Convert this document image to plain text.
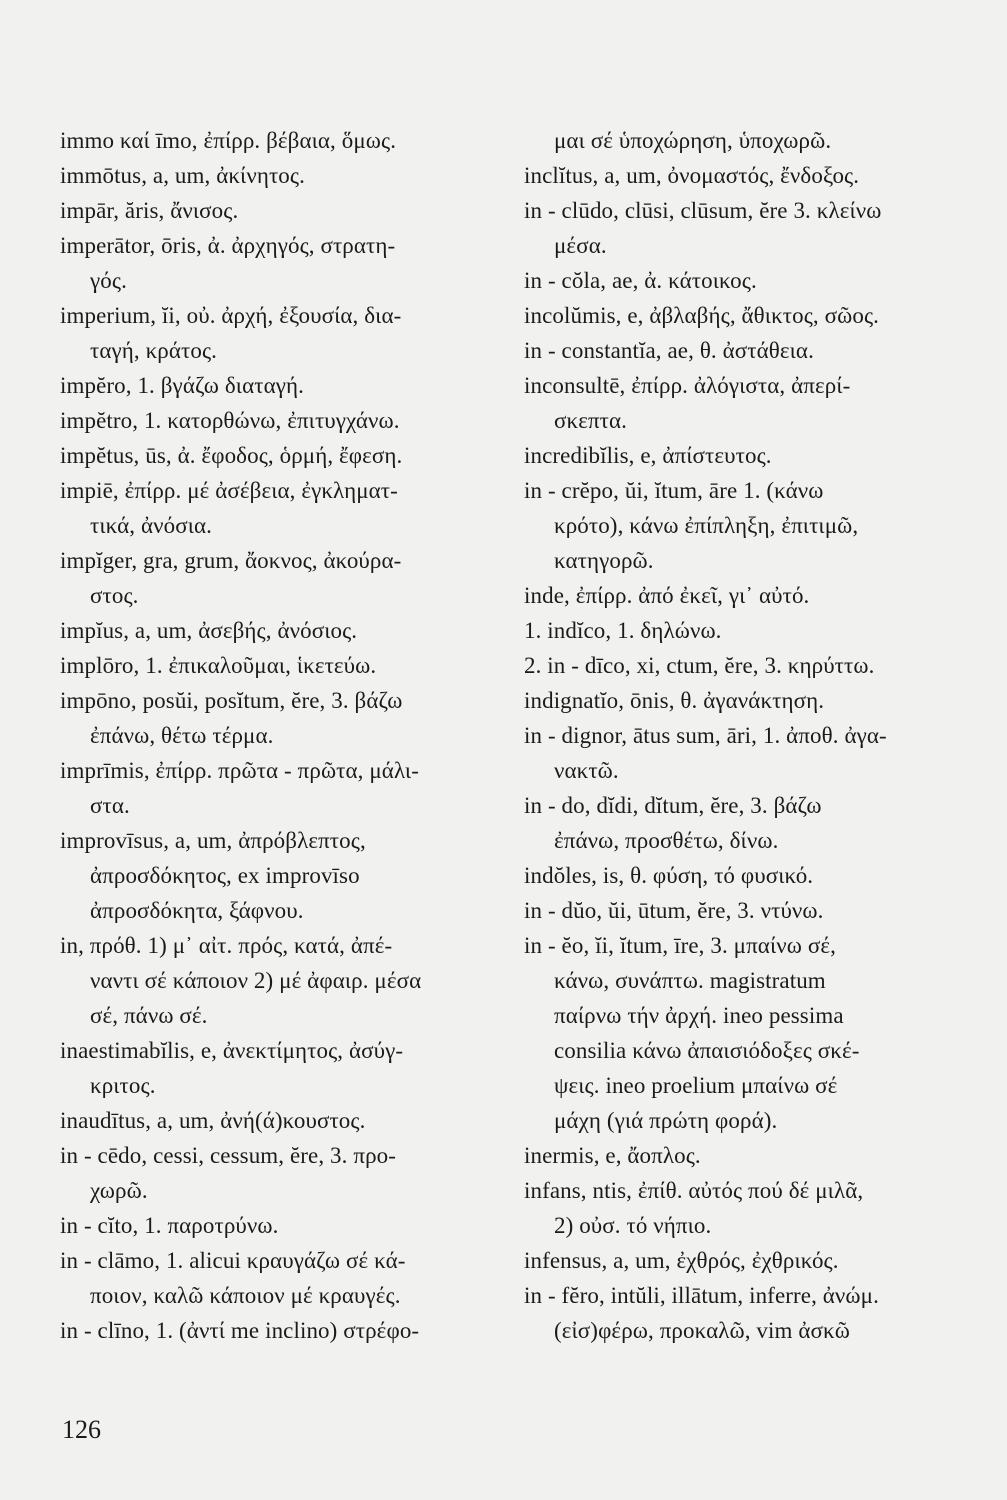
immo καί īmo, ἐπίρρ. βέβαια, ὅμως.
immōtus, a, um, ἀκίνητος.
impār, ăris, ἄνισος.
imperātor, ōris, ἀ. ἀρχηγός, στρατη-
γός.
imperium, ĭi, οὐ. ἀρχή, ἐξουσία, δια-
ταγή, κράτος.
impĕro, 1. βγάζω διαταγή.
impĕtro, 1. κατορθώνω, ἐπιτυγχάνω.
impĕtus, ūs, ἀ. ἔφοδος, ὁρμή, ἔφεση.
impiē, ἐπίρρ. μέ ἀσέβεια, ἐγκληματ-
τικά, ἀνόσια.
impĭger, gra, grum, ἄοκνος, ἀκούρα-
στος.
impĭus, a, um, ἀσεβής, ἀνόσιος.
implōro, 1. ἐπικαλοῦμαι, ἱκετεύω.
impōno, posŭi, posĭtum, ĕre, 3. βάζω
ἐπάνω, θέτω τέρμα.
imprīmis, ἐπίρρ. πρῶτα - πρῶτα, μάλι-
στα.
improvīsus, a, um, ἀπρόβλεπτος,
ἀπροσδόκητος, ex improvīso
ἀπροσδόκητα, ξάφνου.
in, πρόθ. 1) μ᾽ αἰτ. πρός, κατά, ἀπέ-
ναντι σέ κάποιον 2) μέ ἀφαιρ. μέσα
σέ, πάνω σέ.
inaestimabĭlis, e, ἀνεκτίμητος, ἀσύγ-
κριτος.
inaudītus, a, um, ἀνή(ά)κουστος.
in - cēdo, cessi, cessum, ĕre, 3. προ-
χωρῶ.
in - cĭto, 1. παροτρύνω.
in - clāmo, 1. alicui κραυγάζω σέ κά-
ποιον, καλῶ κάποιον μέ κραυγές.
in - clīno, 1. (ἀντί me inclino) στρέφο-
μαι σέ ὑποχώρηση, ὑποχωρῶ.
inclĭtus, a, um, ὀνομαστός, ἔνδοξος.
in - clūdo, clūsi, clūsum, ĕre 3. κλείνω
μέσα.
in - cŏla, ae, ἀ. κάτοικος.
incolŭmis, e, ἀβλαβής, ἄθικτος, σῶος.
in - constantĭa, ae, θ. ἀστάθεια.
inconsultē, ἐπίρρ. ἀλόγιστα, ἀπερί-
σκεπτα.
incredibĭlis, e, ἀπίστευτος.
in - crĕpo, ŭi, ĭtum, āre 1. (κάνω
κρότο), κάνω ἐπίπληξη, ἐπιτιμῶ,
κατηγορῶ.
inde, ἐπίρρ. ἀπό ἐκεῖ, γι᾽ αὐτό.
1. indĭco, 1. δηλώνω.
2. in - dīco, xi, ctum, ĕre, 3. κηρύττω.
indignatĭo, ōnis, θ. ἀγανάκτηση.
in - dignor, ātus sum, āri, 1. ἀποθ. ἀγα-
νακτῶ.
in - do, dĭdi, dĭtum, ĕre, 3. βάζω
ἐπάνω, προσθέτω, δίνω.
indŏles, is, θ. φύση, τό φυσικό.
in - dŭo, ŭi, ūtum, ĕre, 3. ντύνω.
in - ĕo, ĭi, ĭtum, īre, 3. μπαίνω σέ,
κάνω, συνάπτω. magistratum
παίρνω τήν ἀρχή. ineo pessima
consilia κάνω ἀπαισιόδοξες σκέ-
ψεις. ineo proelium μπαίνω σέ
μάχη (γιά πρώτη φορά).
inermis, e, ἄοπλος.
infans, ntis, ἐπίθ. αὐτός πού δέ μιλᾶ,
2) οὐσ. τό νήπιο.
infensus, a, um, ἐχθρός, ἐχθρικός.
in - fĕro, intŭli, illātum, inferre, ἀνώμ.
(εἰσ)φέρω, προκαλῶ, vim ἀσκῶ
126
